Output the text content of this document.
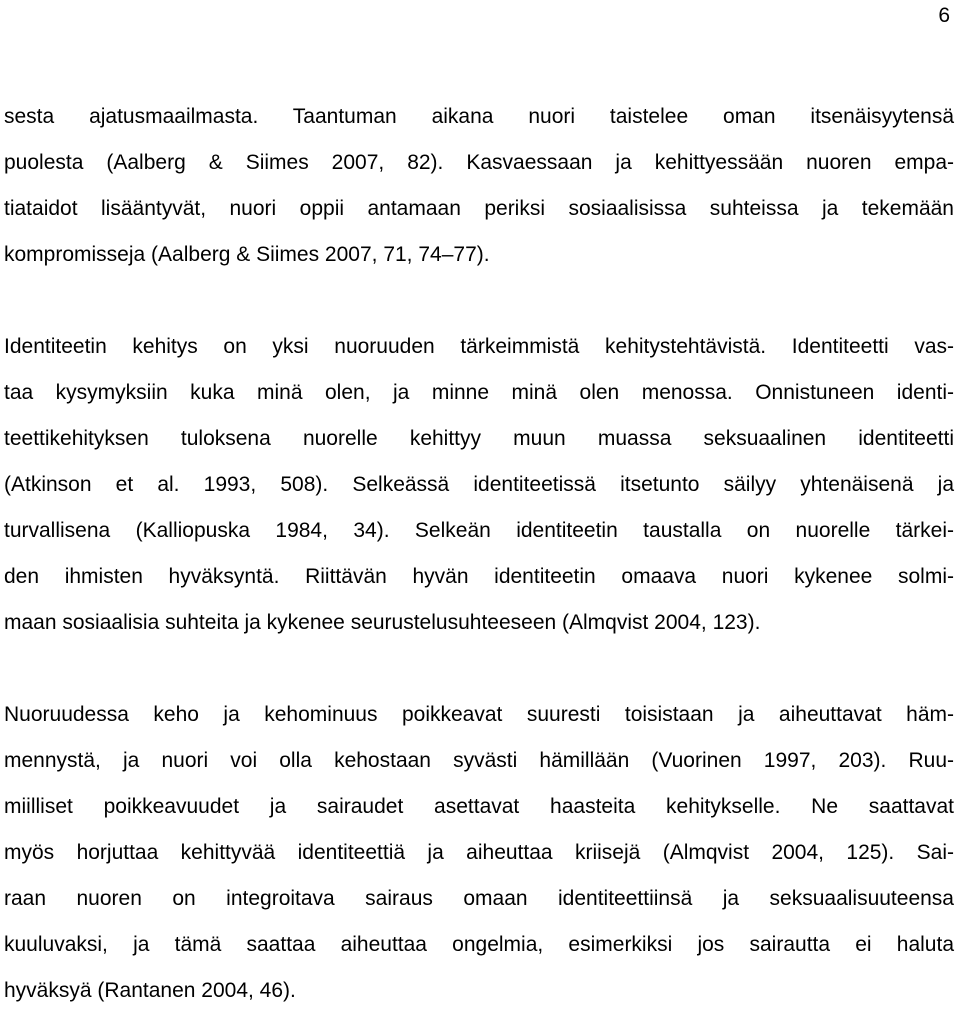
6
sesta ajatusmaailmasta. Taantuman aikana nuori taistelee oman itsenäisyytensä
puolesta (Aalberg & Siimes 2007, 82). Kasvaessaan ja kehittyessään nuoren empa-
tiataidot lisääntyvät, nuori oppii antamaan periksi sosiaalisissa suhteissa ja tekemään
kompromisseja (Aalberg & Siimes 2007, 71, 74–77).
Identiteetin kehitys on yksi nuoruuden tärkeimmistä kehitystehtävistä. Identiteetti vas-
taa kysymyksiin kuka minä olen, ja minne minä olen menossa. Onnistuneen identi-
teettikehityksen tuloksena nuorelle kehittyy muun muassa seksuaalinen identiteetti
(Atkinson et al. 1993, 508). Selkeässä identiteetissä itsetunto säilyy yhtenäisenä ja
turvallisena (Kalliopuska 1984, 34). Selkeän identiteetin taustalla on nuorelle tärkei-
den ihmisten hyväksyntä. Riittävän hyvän identiteetin omaava nuori kykenee solmi-
maan sosiaalisia suhteita ja kykenee seurustelusuhteeseen (Almqvist 2004, 123).
Nuoruudessa keho ja kehominuus poikkeavat suuresti toisistaan ja aiheuttavat häm-
mennystä, ja nuori voi olla kehostaan syvästi hämillään (Vuorinen 1997, 203). Ruu-
miilliset poikkeavuudet ja sairaudet asettavat haasteita kehitykselle. Ne saattavat
myös horjuttaa kehittyvää identiteettiä ja aiheuttaa kriisejä (Almqvist 2004, 125). Sai-
raan nuoren on integroitava sairaus omaan identiteettiinsä ja seksuaalisuuteensa
kuuluvaksi, ja tämä saattaa aiheuttaa ongelmia, esimerkiksi jos sairautta ei haluta
hyväksyä (Rantanen 2004, 46).
